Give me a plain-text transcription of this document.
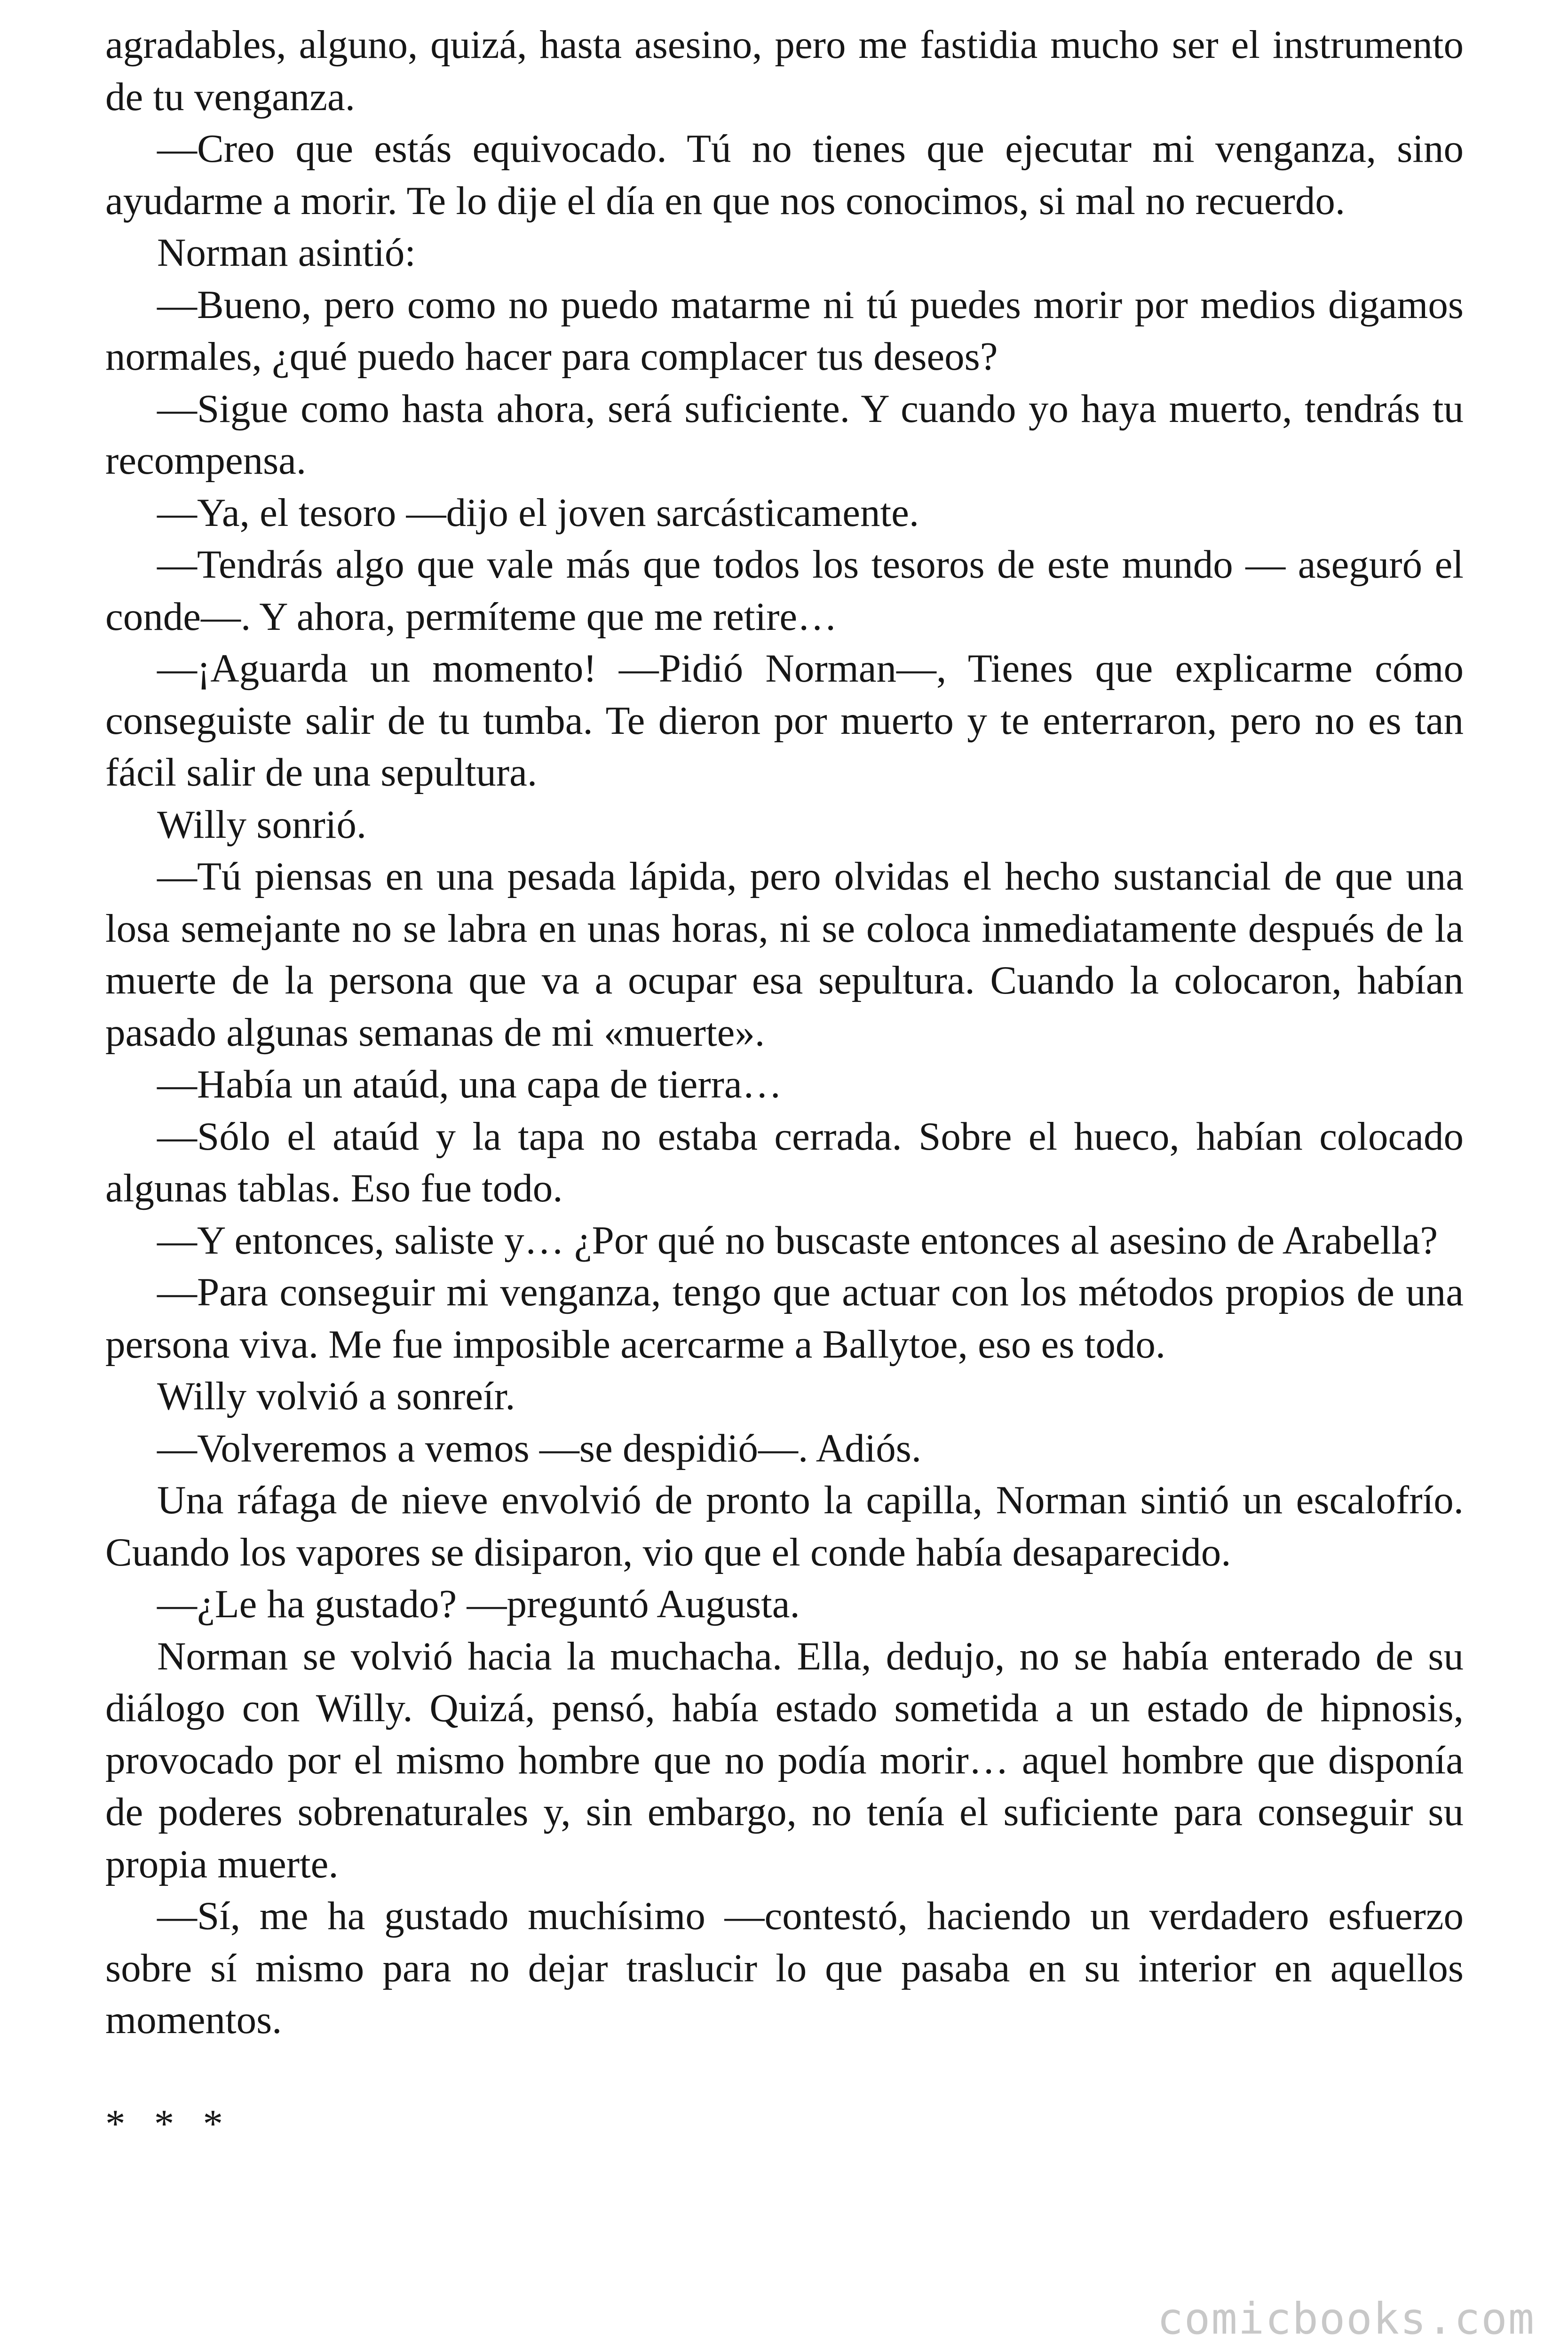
agradables, alguno, quizá, hasta asesino, pero me fastidia mucho ser el instrumento de tu venganza.

—Creo que estás equivocado. Tú no tienes que ejecutar mi venganza, sino ayudarme a morir. Te lo dije el día en que nos conocimos, si mal no recuerdo.

Norman asintió:

—Bueno, pero como no puedo matarme ni tú puedes morir por medios digamos normales, ¿qué puedo hacer para complacer tus deseos?

—Sigue como hasta ahora, será suficiente. Y cuando yo haya muerto, tendrás tu recompensa.

—Ya, el tesoro —dijo el joven sarcásticamente.

—Tendrás algo que vale más que todos los tesoros de este mundo — aseguró el conde—. Y ahora, permíteme que me retire…

—¡Aguarda un momento! —Pidió Norman—, Tienes que explicarme cómo conseguiste salir de tu tumba. Te dieron por muerto y te enterraron, pero no es tan fácil salir de una sepultura.

Willy sonrió.

—Tú piensas en una pesada lápida, pero olvidas el hecho sustancial de que una losa semejante no se labra en unas horas, ni se coloca inmediatamente después de la muerte de la persona que va a ocupar esa sepultura. Cuando la colocaron, habían pasado algunas semanas de mi «muerte».

—Había un ataúd, una capa de tierra…

—Sólo el ataúd y la tapa no estaba cerrada. Sobre el hueco, habían colocado algunas tablas. Eso fue todo.

—Y entonces, saliste y… ¿Por qué no buscaste entonces al asesino de Arabella?

—Para conseguir mi venganza, tengo que actuar con los métodos propios de una persona viva. Me fue imposible acercarme a Ballytoe, eso es todo.

Willy volvió a sonreír.

—Volveremos a vemos —se despidió—. Adiós.

Una ráfaga de nieve envolvió de pronto la capilla, Norman sintió un escalofrío. Cuando los vapores se disiparon, vio que el conde había desaparecido.

—¿Le ha gustado? —preguntó Augusta.

Norman se volvió hacia la muchacha. Ella, dedujo, no se había enterado de su diálogo con Willy. Quizá, pensó, había estado sometida a un estado de hipnosis, provocado por el mismo hombre que no podía morir… aquel hombre que disponía de poderes sobrenaturales y, sin embargo, no tenía el suficiente para conseguir su propia muerte.

—Sí, me ha gustado muchísimo —contestó, haciendo un verdadero esfuerzo sobre sí mismo para no dejar traslucir lo que pasaba en su interior en aquellos momentos.

* * *

comicbooks.com
